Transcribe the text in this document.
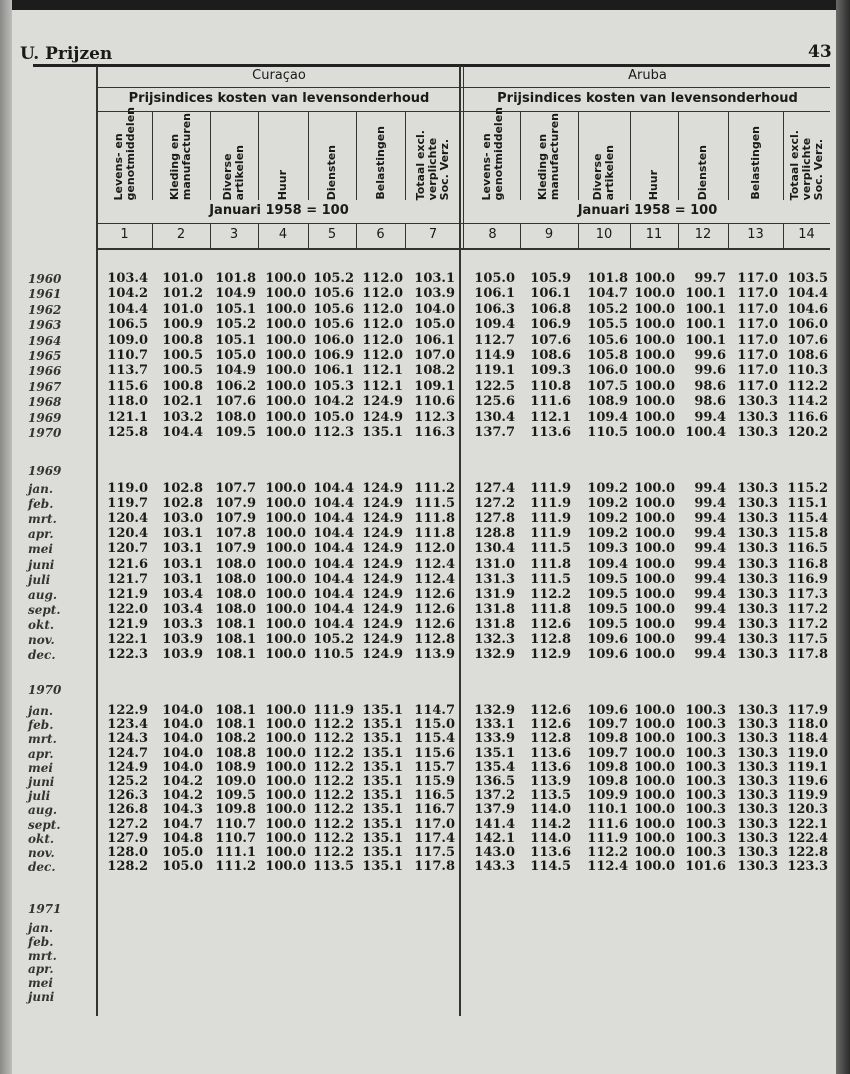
U. Prijzen	43
Curaçao	Aruba
Prijsindices kosten van levensonderhoud	Prijsindices kosten van levensonderhoud
Januari 1958 = 100	Januari 1958 = 100
Levens- en
genotmiddelen
1
Kleding en
manufacturen
2
Diverse
artikelen
3
Huur
4
Diensten
5
Belastingen
6
Totaal excl.
verplichte
Soc. Verz.
7
Levens- en
genotmiddelen
8
Kleding en
manufacturen
9
Diverse
artikelen
10
Huur
11
Diensten
12
Belastingen
13
Totaal excl.
verplichte
Soc. Verz.
14
1960	103.4	101.0 101.8 100.0 105.2 112.0 103.1	105.0	105.9	101.8 100.0	99.7 117.0 103.5
1961	104.2	101.2 104.9 100.0 105.6 112.0 103.9	106.1	106.1	104.7 100.0 100.1 117.0 104.4
1962	104.4	101.0 105.1 100.0 105.6 112.0 104.0	106.3	106.8	105.2 100.0 100.1 117.0 104.6
1963	106.5	100.9 105.2 100.0 105.6 112.0 105.0	109.4	106.9	105.5 100.0 100.1 117.0 106.0
1964	109.0	100.8 105.1 100.0 106.0 112.0 106.1	112.7	107.6	105.6 100.0 100.1 117.0 107.6
1965	110.7	100.5 105.0 100.0 106.9 112.0 107.0	114.9	108.6	105.8 100.0	99.6 117.0 108.6
1966	113.7	100.5 104.9 100.0 106.1 112.1 108.2	119.1	109.3	106.0 100.0	99.6 117.0 110.3
1967	115.6	100.8 106.2 100.0 105.3 112.1 109.1	122.5	110.8	107.5 100.0	98.6 117.0 112.2
1968	118.0	102.1 107.6 100.0 104.2 124.9 110.6	125.6	111.6	108.9 100.0	98.6 130.3 114.2
1969	121.1	103.2 108.0 100.0 105.0 124.9 112.3	130.4	112.1	109.4 100.0	99.4 130.3 116.6
1970	125.8	104.4 109.5 100.0 112.3 135.1 116.3	137.7	113.6	110.5 100.0 100.4 130.3 120.2
1969
jan.	119.0	102.8 107.7 100.0 104.4 124.9 111.2	127.4	111.9	109.2 100.0	99.4 130.3 115.2
feb.	119.7	102.8 107.9 100.0 104.4 124.9 111.5	127.2	111.9	109.2 100.0	99.4 130.3 115.1
mrt.	120.4	103.0 107.9 100.0 104.4 124.9 111.8	127.8	111.9	109.2 100.0	99.4 130.3 115.4
apr.	120.4	103.1 107.8 100.0 104.4 124.9 111.8	128.8	111.9	109.2 100.0	99.4 130.3 115.8
mei	120.7	103.1 107.9 100.0 104.4 124.9 112.0	130.4	111.5	109.3 100.0	99.4 130.3 116.5
juni	121.6	103.1 108.0 100.0 104.4 124.9 112.4	131.0	111.8	109.4 100.0	99.4 130.3 116.8
juli	121.7	103.1 108.0 100.0 104.4 124.9 112.4	131.3	111.5	109.5 100.0	99.4 130.3 116.9
aug.	121.9	103.4 108.0 100.0 104.4 124.9 112.6	131.9	112.2	109.5 100.0	99.4 130.3 117.3
sept.	122.0	103.4 108.0 100.0 104.4 124.9 112.6	131.8	111.8	109.5 100.0	99.4 130.3 117.2
okt.	121.9	103.3 108.1 100.0 104.4 124.9 112.6	131.8	112.6	109.5 100.0	99.4 130.3 117.2
nov.	122.1	103.9 108.1 100.0 105.2 124.9 112.8	132.3	112.8	109.6 100.0	99.4 130.3 117.5
dec.	122.3	103.9 108.1 100.0 110.5 124.9 113.9	132.9	112.9	109.6 100.0	99.4 130.3 117.8
1970
jan.	122.9	104.0 108.1 100.0 111.9 135.1 114.7	132.9	112.6	109.6 100.0 100.3 130.3 117.9
feb.	123.4	104.0 108.1 100.0 112.2 135.1 115.0	133.1	112.6	109.7 100.0 100.3 130.3 118.0
mrt.	124.3	104.0 108.2 100.0 112.2 135.1 115.4	133.9	112.8	109.8 100.0 100.3 130.3 118.4
apr.	124.7	104.0 108.8 100.0 112.2 135.1 115.6	135.1	113.6	109.7 100.0 100.3 130.3 119.0
mei	124.9	104.0 108.9 100.0 112.2 135.1 115.7	135.4	113.6	109.8 100.0 100.3 130.3 119.1
juni	125.2	104.2 109.0 100.0 112.2 135.1 115.9	136.5	113.9	109.8 100.0 100.3 130.3 119.6
juli	126.3	104.2 109.5 100.0 112.2 135.1 116.5	137.2	113.5	109.9 100.0 100.3 130.3 119.9
aug.	126.8	104.3 109.8 100.0 112.2 135.1 116.7	137.9	114.0	110.1 100.0 100.3 130.3 120.3
sept.	127.2	104.7 110.7 100.0 112.2 135.1 117.0	141.4	114.2	111.6 100.0 100.3 130.3 122.1
okt.	127.9	104.8 110.7 100.0 112.2 135.1 117.4	142.1	114.0	111.9 100.0 100.3 130.3 122.4
nov.	128.0	105.0 111.1 100.0 112.2 135.1 117.5	143.0	113.6	112.2 100.0 100.3 130.3 122.8
dec.	128.2	105.0 111.2 100.0 113.5 135.1 117.8	143.3	114.5	112.4 100.0 101.6 130.3 123.3
1971
jan.
feb.
mrt.
apr.
mei
juni
